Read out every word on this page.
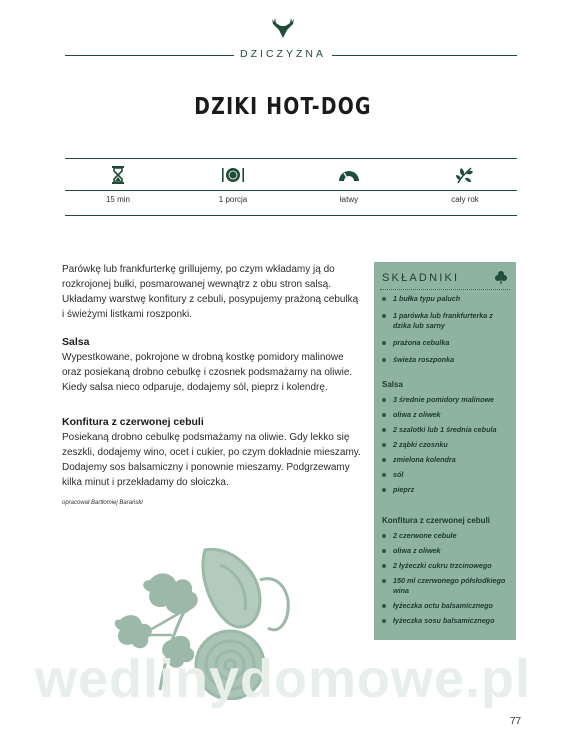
DZICZYZNA
DZIKI HOT-DOG
15 min	1 porcja	łatwy	cały rok

Parówkę lub frankfurterkę grillujemy, po czym wkładamy ją do rozkrojonej bułki, posmarowanej wewnątrz z obu stron salsą. Układamy warstwę konfitury z cebuli, posypujemy prażoną cebulką i świeżymi listkami roszponki.

Salsa

Wypestkowane, pokrojone w drobną kostkę pomidory malinowe oraz posiekaną drobno cebulkę i czosnek podsmażamy na oliwie. Kiedy salsa nieco odparuje, dodajemy sól, pieprz i kolendrę.

Konfitura z czerwonej cebuli

Posiekaną drobno cebulkę podsmażamy na oliwie. Gdy lekko się zeszkli, dodajemy wino, ocet i cukier, po czym dokładnie mieszamy. Dodajemy sos balsamiczny i ponownie mieszamy. Podgrzewamy kilka minut i przekładamy do słoiczka.

opracował Bartłomiej Barański
SKŁADNIKI
1 bułka typu paluch
1 parówka lub frankfurterka z dzika lub sarny
prażona cebulka
świeża roszponka
Salsa
3 średnie pomidory malinowe
oliwa z oliwek
2 szalotki lub 1 średnia cebula
2 ząbki czosnku
zmielona kolendra
sól
pieprz
Konfitura z czerwonej cebuli
2 czerwone cebule
oliwa z oliwek
2 łyżeczki cukru trzcinowego
150 ml czerwonego półsłodkiego wina
łyżeczka octu balsamicznego
łyżeczka sosu balsamicznego
wedlinydomowe.pl
77
